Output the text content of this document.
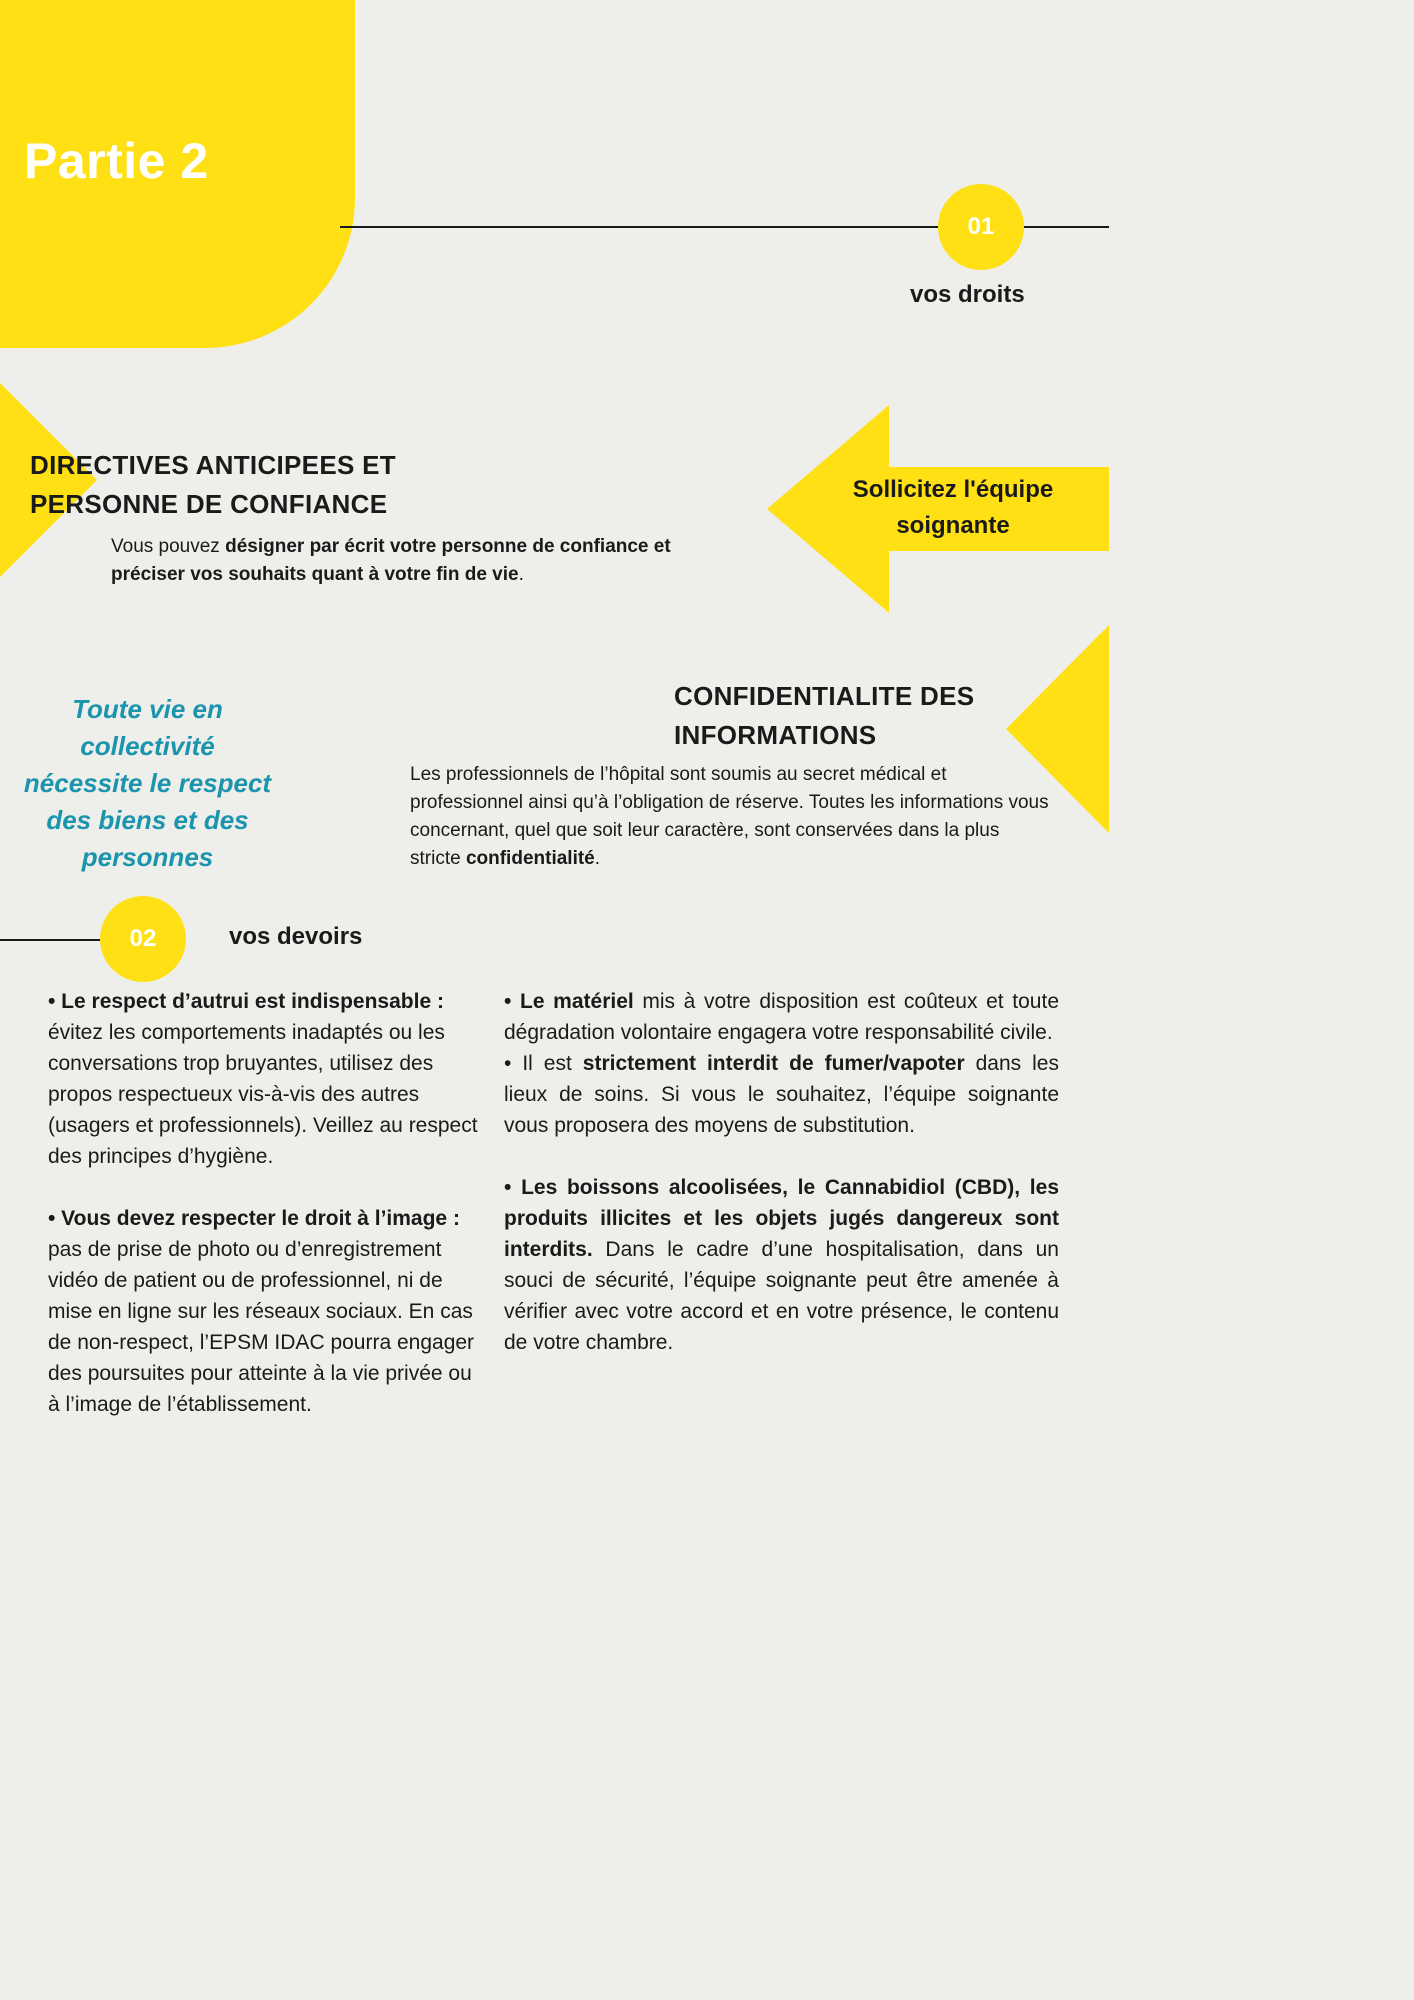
Partie 2
01
vos droits
DIRECTIVES ANTICIPEES ET
PERSONNE DE CONFIANCE
Vous pouvez désigner par écrit votre personne de confiance et préciser vos souhaits quant à votre fin de vie.
Sollicitez l'équipe
soignante
Toute vie en collectivité nécessite le respect des biens et des personnes
CONFIDENTIALITE DES
INFORMATIONS
Les professionnels de l’hôpital sont soumis au secret médical et professionnel ainsi qu’à l’obligation de réserve. Toutes les informations vous concernant, quel que soit leur caractère, sont conservées dans la plus stricte confidentialité.
02	vos devoirs

• Le respect d’autrui est indispensable : évitez les comportements inadaptés ou les conversations trop bruyantes, utilisez des propos respectueux vis-à-vis des autres (usagers et professionnels). Veillez au respect des principes d’hygiène.

• Vous devez respecter le droit à l’image : pas de prise de photo ou d’enregistrement vidéo de patient ou de professionnel, ni de mise en ligne sur les réseaux sociaux. En cas de non-respect, l’EPSM IDAC pourra engager des poursuites pour atteinte à la vie privée ou à l’image de l’établissement.

• Le matériel mis à votre disposition est coûteux et toute dégradation volontaire engagera votre responsabilité civile.

• Il est strictement interdit de fumer/vapoter dans les lieux de soins. Si vous le souhaitez, l’équipe soignante vous proposera des moyens de substitution.

• Les boissons alcoolisées, le Cannabidiol (CBD), les produits illicites et les objets jugés dangereux sont interdits. Dans le cadre d’une hospitalisation, dans un souci de sécurité, l’équipe soignante peut être amenée à vérifier avec votre accord et en votre présence, le contenu de votre chambre.
